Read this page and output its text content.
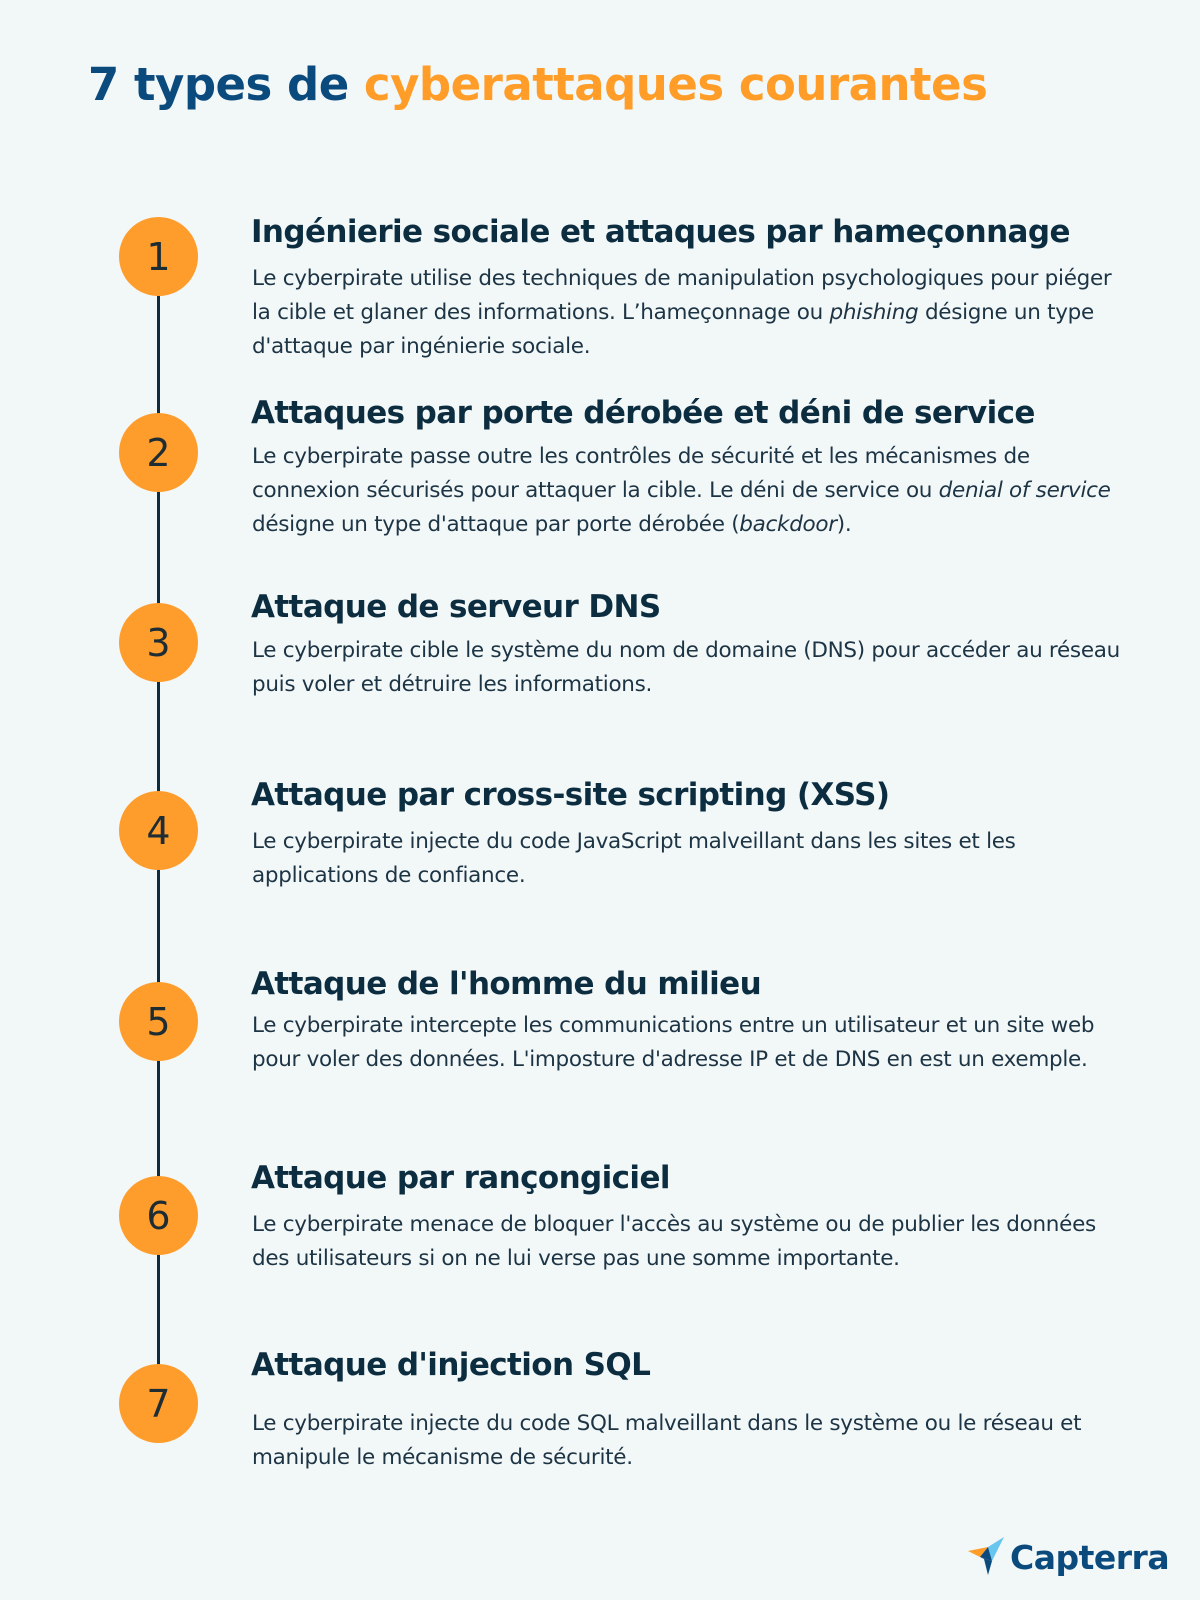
7 types de cyberattaques courantes
1
Ingénierie sociale et attaques par hameçonnage
Le cyberpirate utilise des techniques de manipulation psychologiques pour piéger la cible et glaner des informations. L’hameçonnage ou phishing désigne un type d'attaque par ingénierie sociale.
2
Attaques par porte dérobée et déni de service
Le cyberpirate passe outre les contrôles de sécurité et les mécanismes de connexion sécurisés pour attaquer la cible. Le déni de service ou denial of service désigne un type d'attaque par porte dérobée (backdoor).
3
Attaque de serveur DNS
Le cyberpirate cible le système du nom de domaine (DNS) pour accéder au réseau puis voler et détruire les informations.
4
Attaque par cross-site scripting (XSS)
Le cyberpirate injecte du code JavaScript malveillant dans les sites et les applications de confiance.
5
Attaque de l'homme du milieu
Le cyberpirate intercepte les communications entre un utilisateur et un site web pour voler des données. L'imposture d'adresse IP et de DNS en est un exemple.
6
Attaque par rançongiciel
Le cyberpirate menace de bloquer l'accès au système ou de publier les données des utilisateurs si on ne lui verse pas une somme importante.
7
Attaque d'injection SQL
Le cyberpirate injecte du code SQL malveillant dans le système ou le réseau et manipule le mécanisme de sécurité.
Capterra
